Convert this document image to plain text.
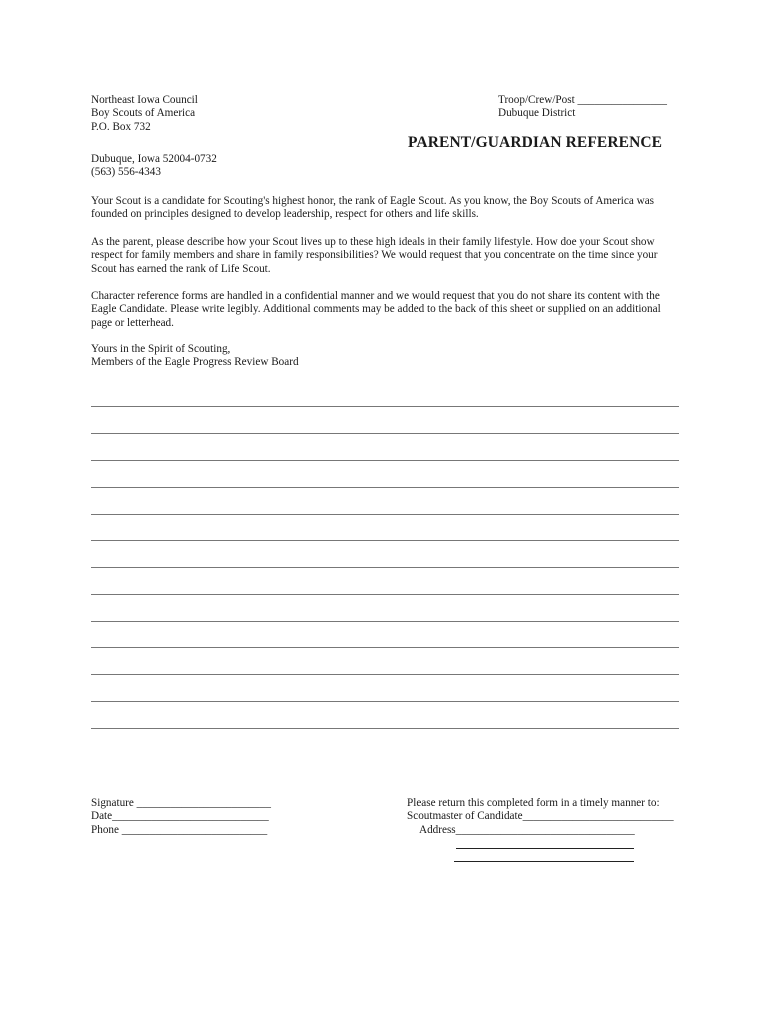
Northeast Iowa Council
Boy Scouts of America
P.O. Box 732
Dubuque, Iowa 52004-0732
(563) 556-4343
Troop/Crew/Post ________________
Dubuque District
PARENT/GUARDIAN REFERENCE
Your Scout is a candidate for Scouting's highest honor, the rank of Eagle Scout. As you know, the Boy Scouts of America was
founded on principles designed to develop leadership, respect for others and life skills.
As the parent, please describe how your Scout lives up to these high ideals in their family lifestyle. How doe your Scout show
respect for family members and share in family responsibilities? We would request that you concentrate on the time since your
Scout has earned the rank of Life Scout.
Character reference forms are handled in a confidential manner and we would request that you do not share its content with the
Eagle Candidate. Please write legibly. Additional comments may be added to the back of this sheet or supplied on an additional
page or letterhead.
Yours in the Spirit of Scouting,
Members of the Eagle Progress Review Board
Signature ________________________
Date____________________________
Phone __________________________
Please return this completed form in a timely manner to:
Scoutmaster of Candidate___________________________
Address________________________________
